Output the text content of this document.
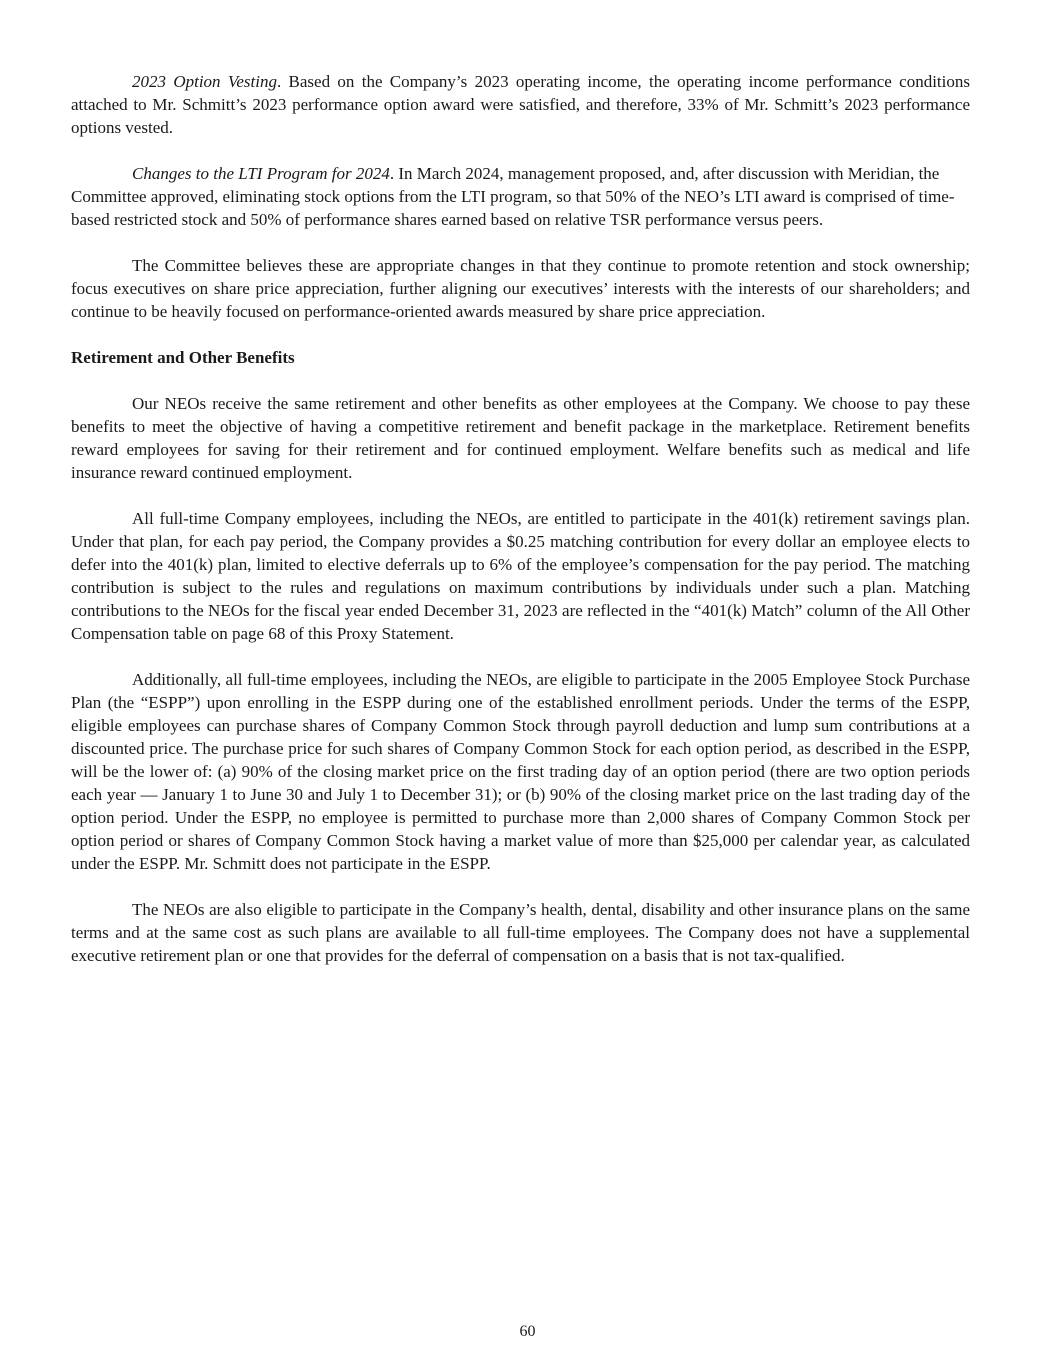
2023 Option Vesting. Based on the Company’s 2023 operating income, the operating income performance conditions attached to Mr. Schmitt’s 2023 performance option award were satisfied, and therefore, 33% of Mr. Schmitt’s 2023 performance options vested.

Changes to the LTI Program for 2024. In March 2024, management proposed, and, after discussion with Meridian, the Committee approved, eliminating stock options from the LTI program, so that 50% of the NEO’s LTI award is comprised of time-based restricted stock and 50% of performance shares earned based on relative TSR performance versus peers.

The Committee believes these are appropriate changes in that they continue to promote retention and stock ownership; focus executives on share price appreciation, further aligning our executives’ interests with the interests of our shareholders; and continue to be heavily focused on performance-oriented awards measured by share price appreciation.

Retirement and Other Benefits

Our NEOs receive the same retirement and other benefits as other employees at the Company. We choose to pay these benefits to meet the objective of having a competitive retirement and benefit package in the marketplace. Retirement benefits reward employees for saving for their retirement and for continued employment. Welfare benefits such as medical and life insurance reward continued employment.

All full-time Company employees, including the NEOs, are entitled to participate in the 401(k) retirement savings plan. Under that plan, for each pay period, the Company provides a $0.25 matching contribution for every dollar an employee elects to defer into the 401(k) plan, limited to elective deferrals up to 6% of the employee’s compensation for the pay period. The matching contribution is subject to the rules and regulations on maximum contributions by individuals under such a plan. Matching contributions to the NEOs for the fiscal year ended December 31, 2023 are reflected in the “401(k) Match” column of the All Other Compensation table on page 68 of this Proxy Statement.

Additionally, all full-time employees, including the NEOs, are eligible to participate in the 2005 Employee Stock Purchase Plan (the “ESPP”) upon enrolling in the ESPP during one of the established enrollment periods. Under the terms of the ESPP, eligible employees can purchase shares of Company Common Stock through payroll deduction and lump sum contributions at a discounted price. The purchase price for such shares of Company Common Stock for each option period, as described in the ESPP, will be the lower of: (a) 90% of the closing market price on the first trading day of an option period (there are two option periods each year — January 1 to June 30 and July 1 to December 31); or (b) 90% of the closing market price on the last trading day of the option period. Under the ESPP, no employee is permitted to purchase more than 2,000 shares of Company Common Stock per option period or shares of Company Common Stock having a market value of more than $25,000 per calendar year, as calculated under the ESPP. Mr. Schmitt does not participate in the ESPP.

The NEOs are also eligible to participate in the Company’s health, dental, disability and other insurance plans on the same terms and at the same cost as such plans are available to all full-time employees. The Company does not have a supplemental executive retirement plan or one that provides for the deferral of compensation on a basis that is not tax-qualified.

60
